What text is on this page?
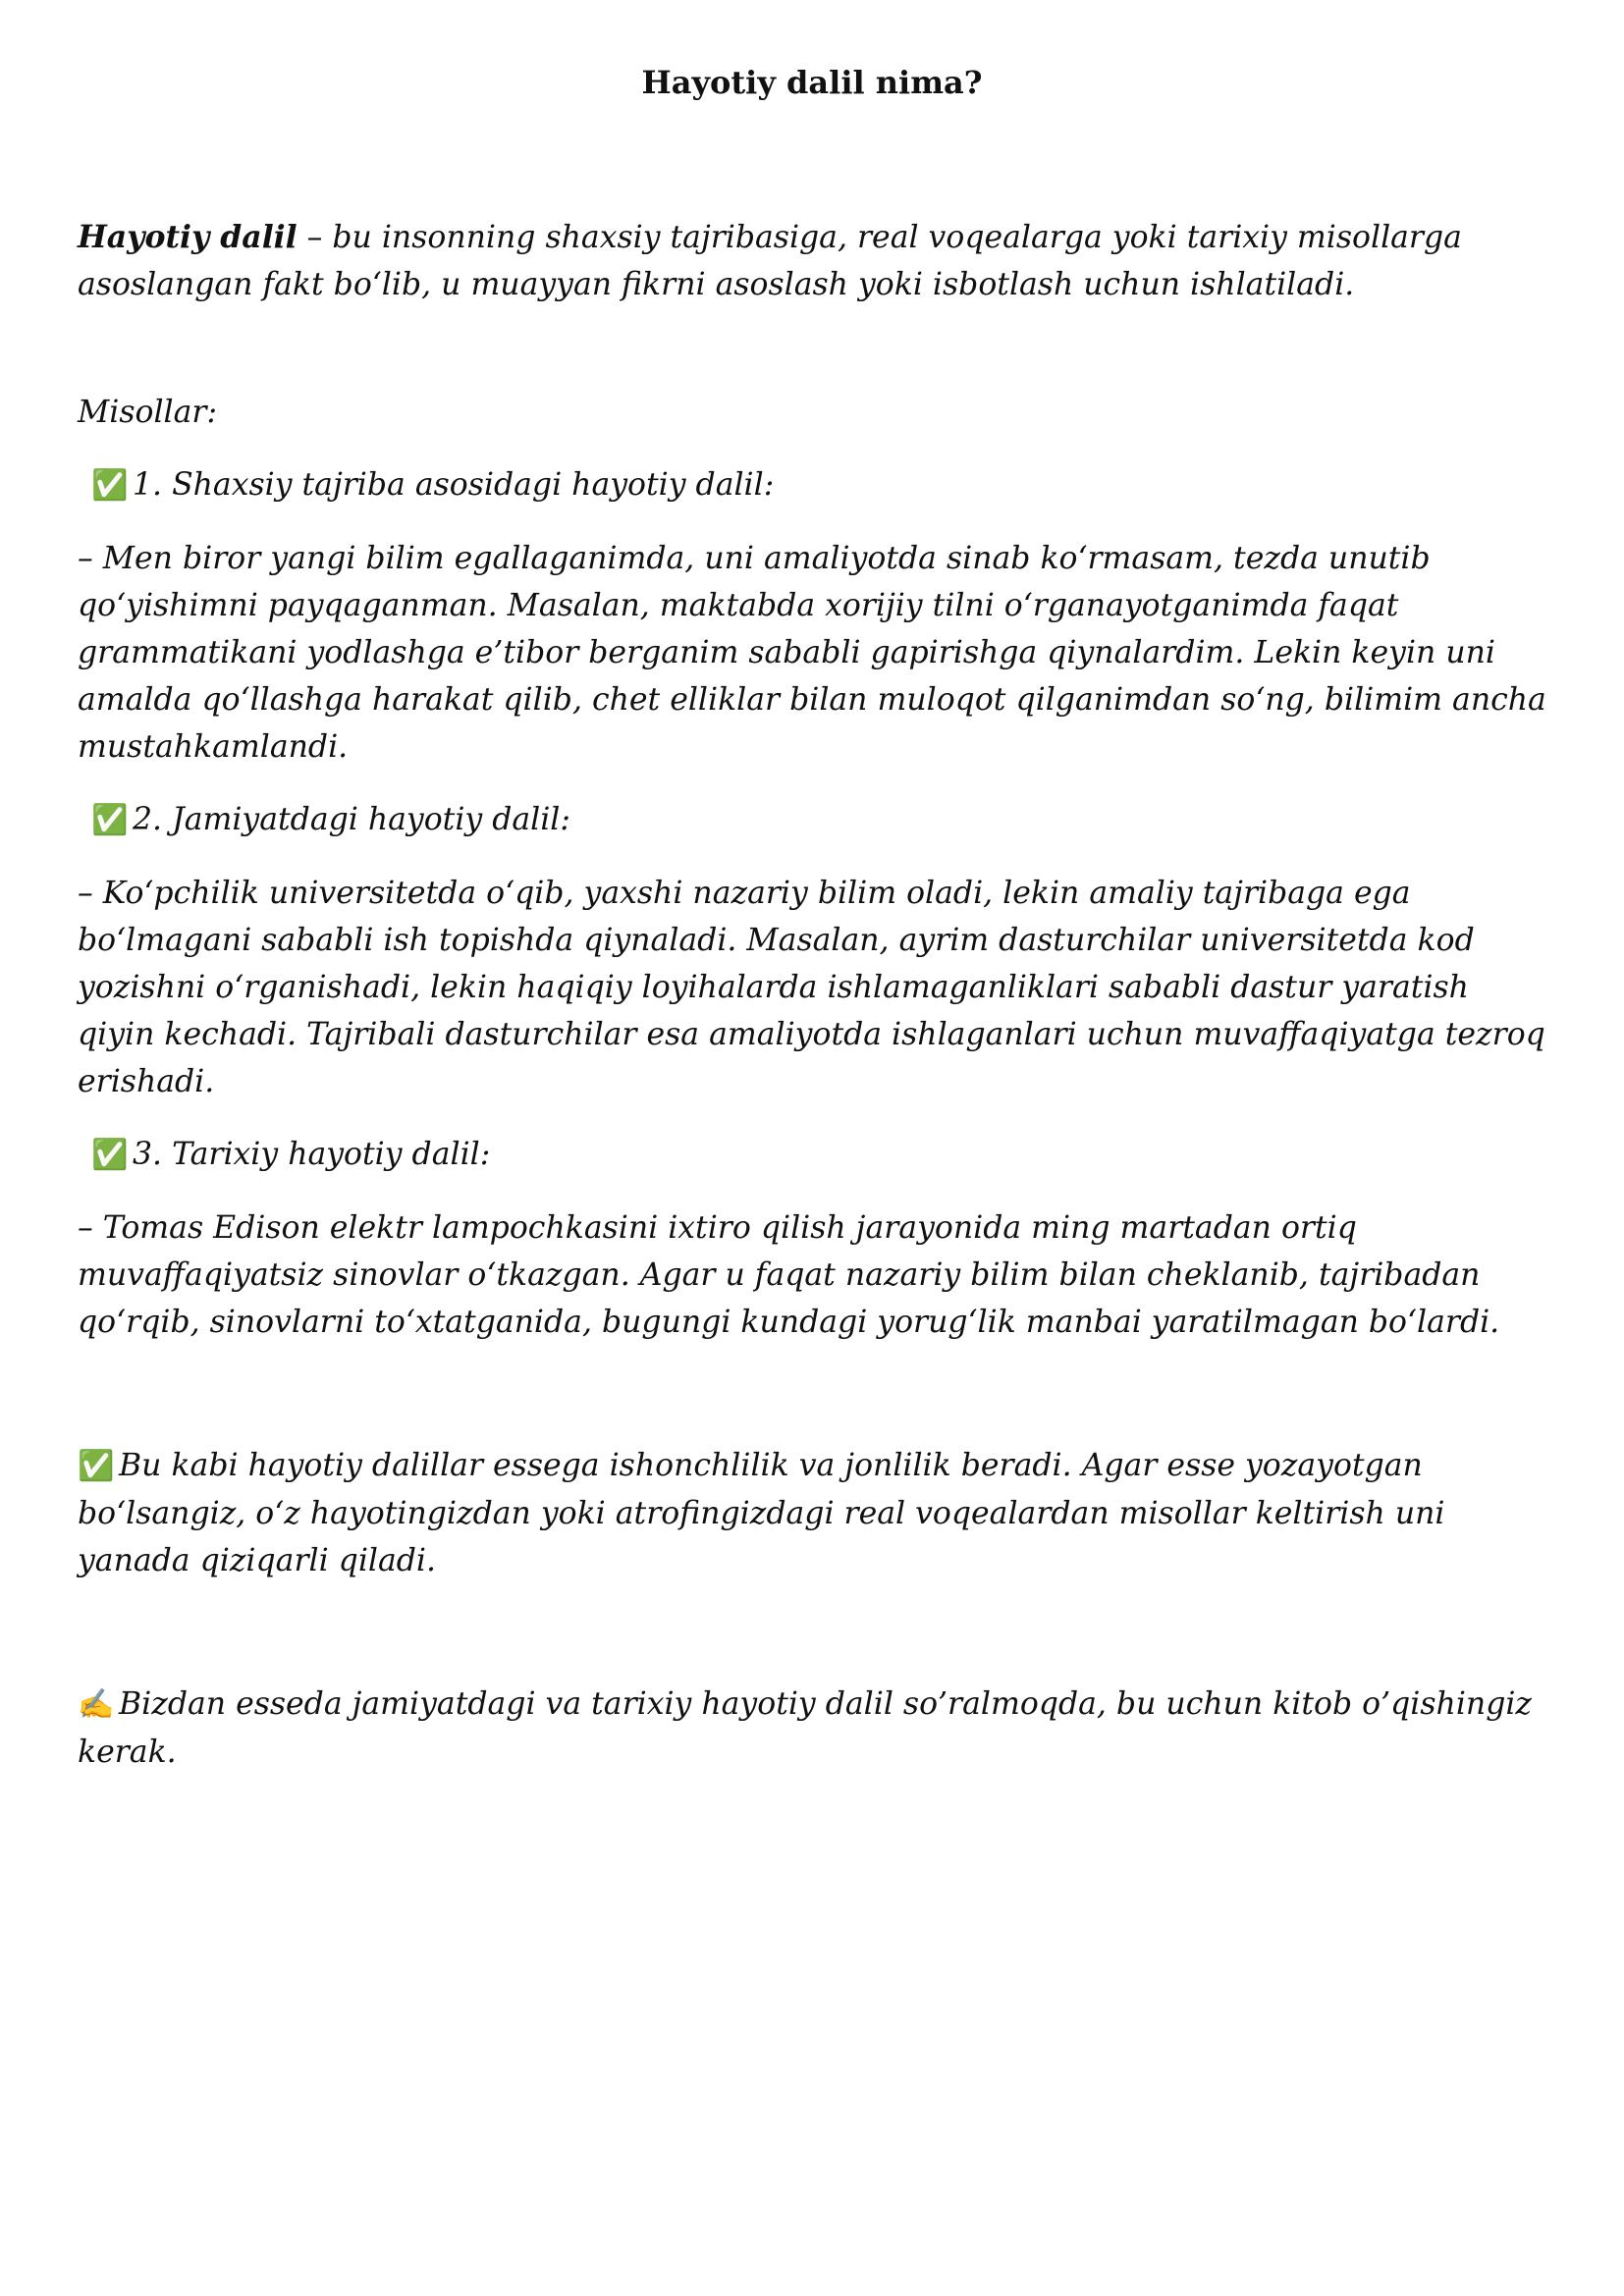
Hayotiy dalil nima?

Hayotiy dalil – bu insonning shaxsiy tajribasiga, real voqealarga yoki tarixiy misollarga asoslangan fakt bo‘lib, u muayyan fikrni asoslash yoki isbotlash uchun ishlatiladi.

Misollar:

✅ 1. Shaxsiy tajriba asosidagi hayotiy dalil:

– Men biror yangi bilim egallaganimda, uni amaliyotda sinab ko‘rmasam, tezda unutib qo‘yishimni payqaganman. Masalan, maktabda xorijiy tilni o‘rganayotganimda faqat grammatikani yodlashga e’tibor berganim sababli gapirishga qiynalardim. Lekin keyin uni amalda qo‘llashga harakat qilib, chet elliklar bilan muloqot qilganimdan so‘ng, bilimim ancha mustahkamlandi.

✅ 2. Jamiyatdagi hayotiy dalil:

– Ko‘pchilik universitetda o‘qib, yaxshi nazariy bilim oladi, lekin amaliy tajribaga ega bo‘lmagani sababli ish topishda qiynaladi. Masalan, ayrim dasturchilar universitetda kod yozishni o‘rganishadi, lekin haqiqiy loyihalarda ishlamaganliklari sababli dastur yaratish qiyin kechadi. Tajribali dasturchilar esa amaliyotda ishlaganlari uchun muvaffaqiyatga tezroq erishadi.

✅ 3. Tarixiy hayotiy dalil:

– Tomas Edison elektr lampochkasini ixtiro qilish jarayonida ming martadan ortiq muvaffaqiyatsiz sinovlar o‘tkazgan. Agar u faqat nazariy bilim bilan cheklanib, tajribadan qo‘rqib, sinovlarni to‘xtatganida, bugungi kundagi yorug‘lik manbai yaratilmagan bo‘lardi.

✅ Bu kabi hayotiy dalillar essega ishonchlilik va jonlilik beradi. Agar esse yozayotgan bo‘lsangiz, o‘z hayotingizdan yoki atrofingizdagi real voqealardan misollar keltirish uni yanada qiziqarli qiladi.

✍ Bizdan esseda jamiyatdagi va tarixiy hayotiy dalil so’ralmoqda, bu uchun kitob o’qishingiz kerak.
